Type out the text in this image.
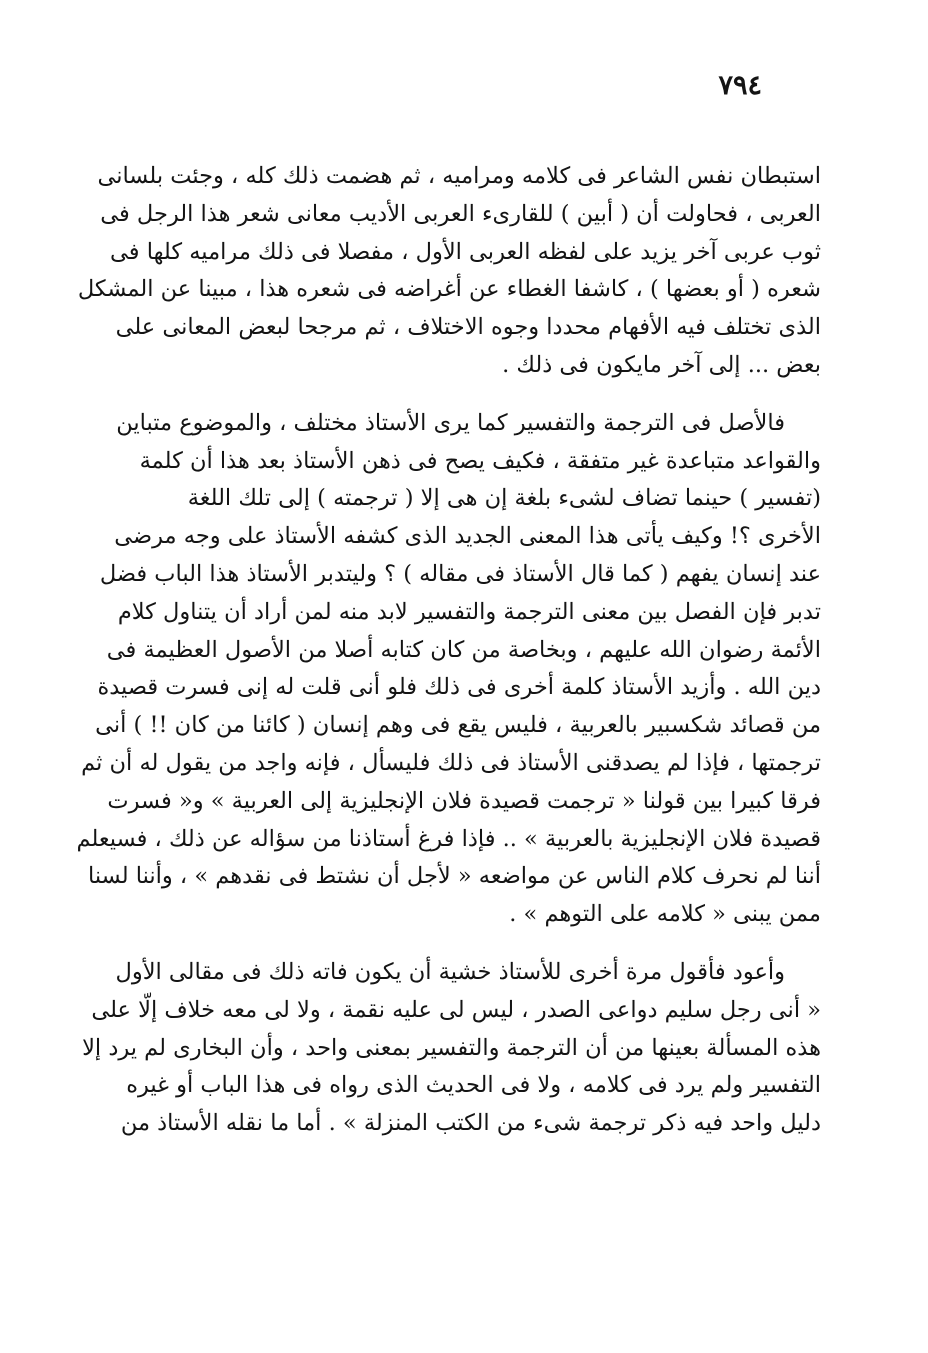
٧٩٤
استبطان نفس الشاعر فى كلامه ومراميه ، ثم هضمت ذلك كله ، وجئت بلسانى
العربى ، فحاولت أن ( أبين ) للقارىء العربى الأديب معانى شعر هذا الرجل فى
ثوب عربى آخر يزيد على لفظه العربى الأول ، مفصلا فى ذلك مراميه كلها فى
شعره ( أو بعضها ) ، كاشفا الغطاء عن أغراضه فى شعره هذا ، مبينا عن المشكل
الذى تختلف فيه الأفهام محددا وجوه الاختلاف ، ثم مرجحا لبعض المعانى على
بعض ... إلى آخر مايكون فى ذلك .
فالأصل فى الترجمة والتفسير كما يرى الأستاذ مختلف ، والموضوع متباين
والقواعد متباعدة غير متفقة ، فكيف يصح فى ذهن الأستاذ بعد هذا أن كلمة
(تفسير ) حينما تضاف لشىء بلغة إن هى إلا ( ترجمته ) إلى تلك اللغة
الأخرى ؟! وكيف يأتى هذا المعنى الجديد الذى كشفه الأستاذ على وجه مرضى
عند إنسان يفهم ( كما قال الأستاذ فى مقاله ) ؟ وليتدبر الأستاذ هذا الباب فضل
تدبر فإن الفصل بين معنى الترجمة والتفسير لابد منه لمن أراد أن يتناول كلام
الأئمة رضوان الله عليهم ، وبخاصة من كان كتابه أصلا من الأصول العظيمة فى
دين الله . وأزيد الأستاذ كلمة أخرى فى ذلك فلو أنى قلت له إنى فسرت قصيدة
من قصائد شكسبير بالعربية ، فليس يقع فى وهم إنسان ( كائنا من كان !! ) أنى
ترجمتها ، فإذا لم يصدقنى الأستاذ فى ذلك فليسأل ، فإنه واجد من يقول له أن ثم
فرقا كبيرا بين قولنا « ترجمت قصيدة فلان الإنجليزية إلى العربية » و« فسرت
قصيدة فلان الإنجليزية بالعربية » .. فإذا فرغ أستاذنا من سؤاله عن ذلك ، فسيعلم
أننا لم نحرف كلام الناس عن مواضعه « لأجل أن نشتط فى نقدهم » ، وأننا لسنا
ممن يبنى « كلامه على التوهم » .
وأعود فأقول مرة أخرى للأستاذ خشية أن يكون فاته ذلك فى مقالى الأول
« أنى رجل سليم دواعى الصدر ، ليس لى عليه نقمة ، ولا لى معه خلاف إلّا على
هذه المسألة بعينها من أن الترجمة والتفسير بمعنى واحد ، وأن البخارى لم يرد إلا
التفسير ولم يرد فى كلامه ، ولا فى الحديث الذى رواه فى هذا الباب أو غيره
دليل واحد فيه ذكر ترجمة شىء من الكتب المنزلة » . أما ما نقله الأستاذ من
